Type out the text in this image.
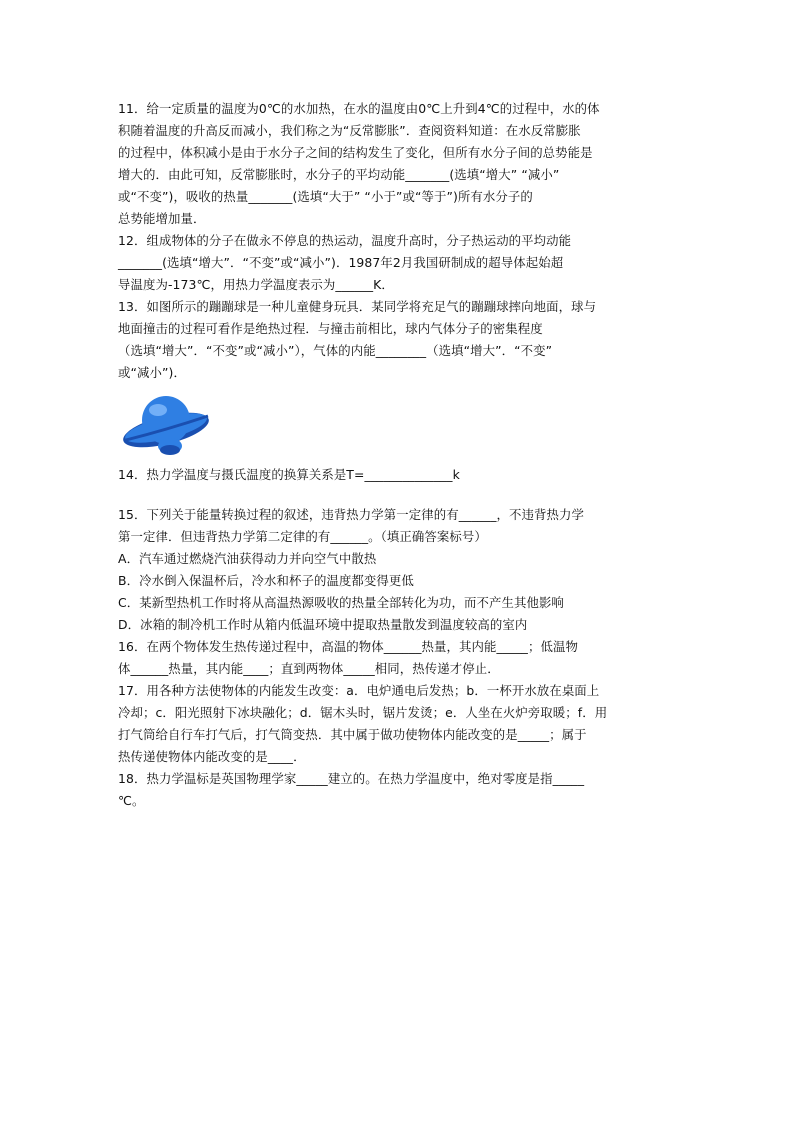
11．给一定质量的温度为0℃的水加热，在水的温度由0℃上升到4℃的过程中，水的体
积随着温度的升高反而减小，我们称之为“反常膨胀”．查阅资料知道：在水反常膨胀
的过程中，体积减小是由于水分子之间的结构发生了变化，但所有水分子间的总势能是
增大的．由此可知，反常膨胀时，水分子的平均动能_______(选填“增大” “减小”
或“不变”)，吸收的热量_______(选填“大于” “小于”或“等于”)所有水分子的
总势能增加量．
12．组成物体的分子在做永不停息的热运动，温度升高时，分子热运动的平均动能
_______(选填“增大”．“不变”或“减小”)．1987年2月我国研制成的超导体起始超
导温度为-173℃，用热力学温度表示为______K．
13．如图所示的蹦蹦球是一种儿童健身玩具．某同学将充足气的蹦蹦球摔向地面，球与
地面撞击的过程可看作是绝热过程．与撞击前相比，球内气体分子的密集程度
（选填“增大”．“不变”或“减小”），气体的内能________（选填“增大”．“不变”
或“减小”)．
14．热力学温度与摄氏温度的换算关系是T=______________k
15．下列关于能量转换过程的叙述，违背热力学第一定律的有______，不违背热力学
第一定律．但违背热力学第二定律的有______。（填正确答案标号）
A．汽车通过燃烧汽油获得动力并向空气中散热
B．冷水倒入保温杯后，冷水和杯子的温度都变得更低
C．某新型热机工作时将从高温热源吸收的热量全部转化为功，而不产生其他影响
D．冰箱的制冷机工作时从箱内低温环境中提取热量散发到温度较高的室内
16．在两个物体发生热传递过程中，高温的物体______热量，其内能_____；低温物
体______热量，其内能____；直到两物体_____相同，热传递才停止．
17．用各种方法使物体的内能发生改变：a．电炉通电后发热；b．一杯开水放在桌面上
冷却；c．阳光照射下冰块融化；d．锯木头时，锯片发烫；e．人坐在火炉旁取暖；f．用
打气筒给自行车打气后，打气筒变热．其中属于做功使物体内能改变的是_____；属于
热传递使物体内能改变的是____．
18．热力学温标是英国物理学家_____建立的。在热力学温度中，绝对零度是指_____
℃。
